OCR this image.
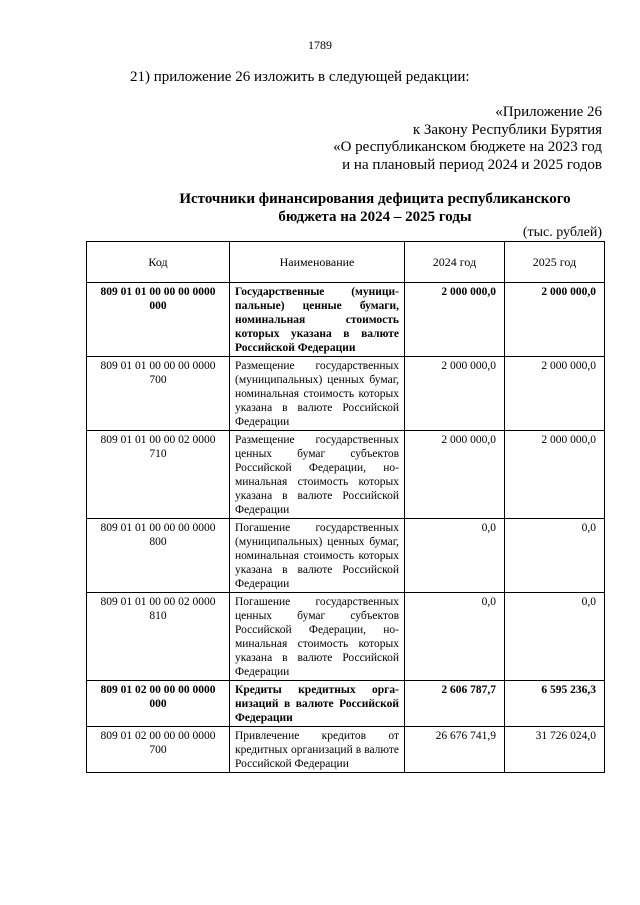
1789
21) приложение 26 изложить в следующей редакции:
«Приложение 26
к Закону Республики Бурятия
«О республиканском бюджете на 2023 год
и на плановый период 2024 и 2025 годов
Источники финансирования дефицита республиканского
бюджета на 2024 – 2025 годы
(тыс. рублей)
Код	Наименование	2024 год	2025 год
809 01 01 00 00 00 0000 000	Государственные (муниципальные) ценные бумаги, номинальная стоимость которых указана в валюте Российской Федерации	2 000 000,0	2 000 000,0
809 01 01 00 00 00 0000 700	Размещение государственных (муниципальных) ценных бумаг, номинальная стоимость которых указана в валюте Российской Федерации	2 000 000,0	2 000 000,0
809 01 01 00 00 02 0000 710	Размещение государственных ценных бумаг субъектов Российской Федерации, номинальная стоимость которых указана в валюте Российской Федерации	2 000 000,0	2 000 000,0
809 01 01 00 00 00 0000 800	Погашение государственных (муниципальных) ценных бумаг, номинальная стоимость которых указана в валюте Российской Федерации	0,0	0,0
809 01 01 00 00 02 0000 810	Погашение государственных ценных бумаг субъектов Российской Федерации, номинальная стоимость которых указана в валюте Российской Федерации	0,0	0,0
809 01 02 00 00 00 0000 000	Кредиты кредитных организаций в валюте Российской Федерации	2 606 787,7	6 595 236,3
809 01 02 00 00 00 0000 700	Привлечение кредитов от кредитных организаций в валюте Российской Федерации	26 676 741,9	31 726 024,0
